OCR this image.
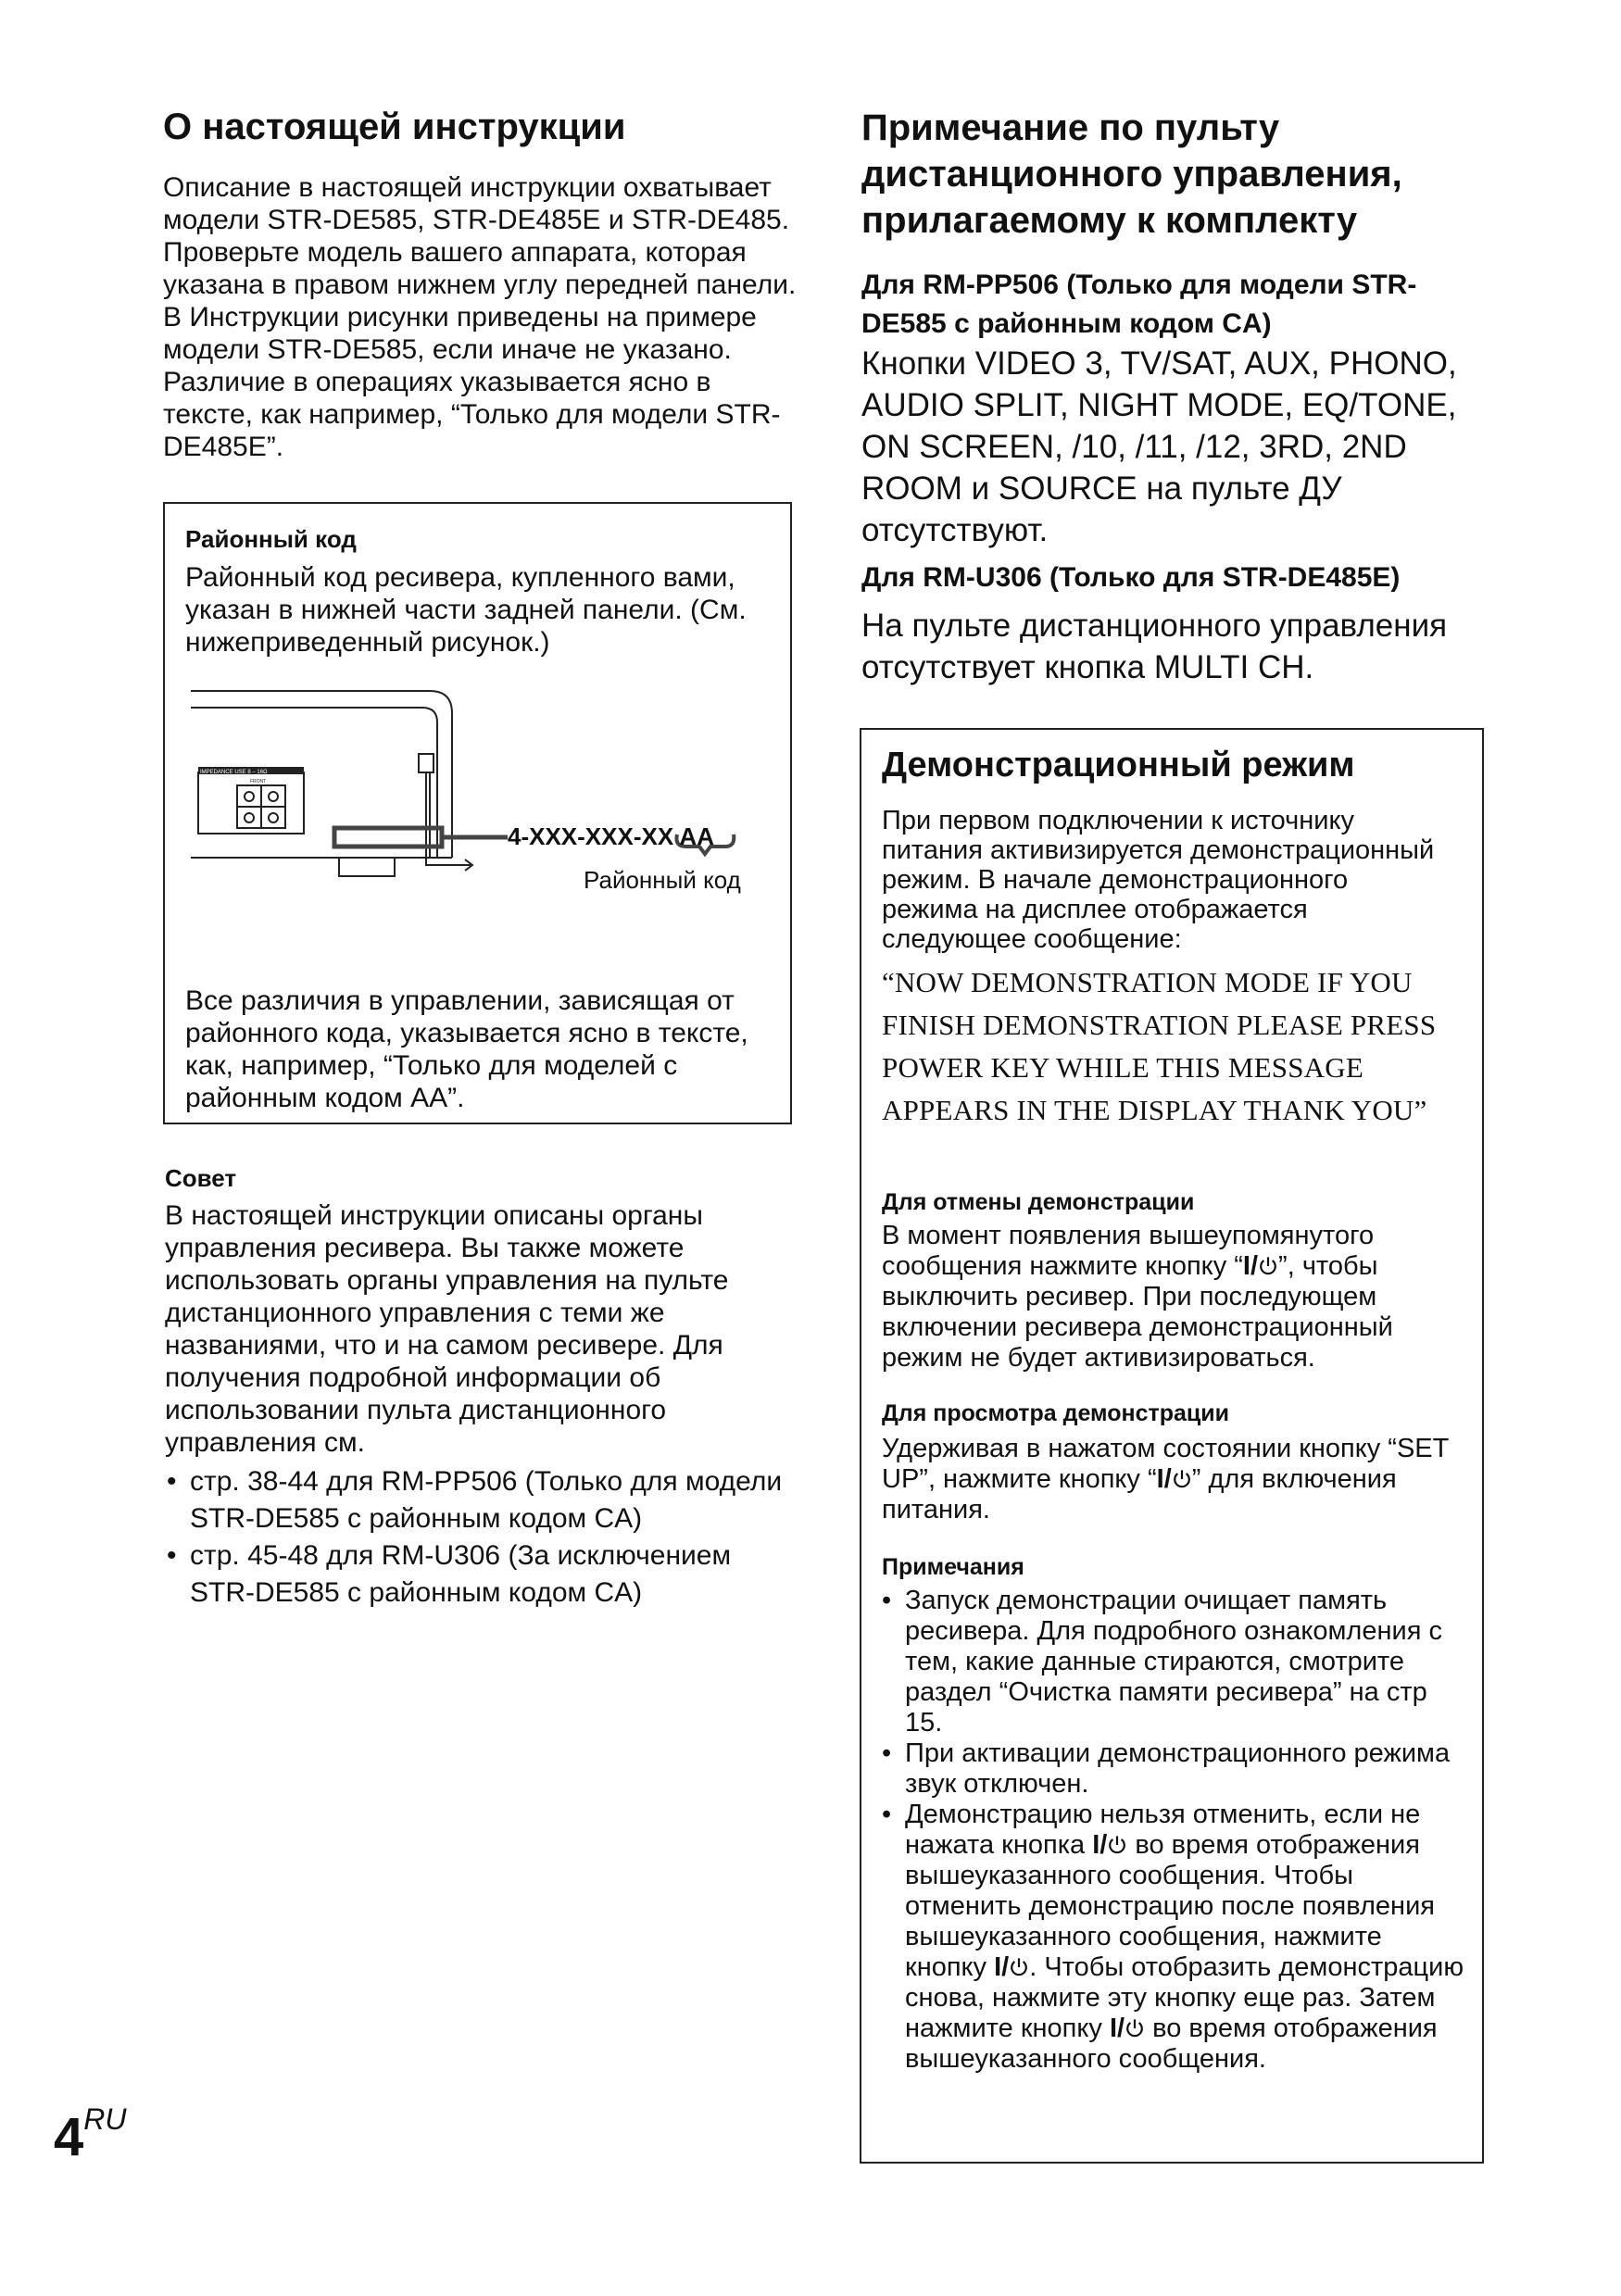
О настоящей инструкции

Описание в настоящей инструкции охватывает модели STR-DE585, STR-DE485E и STR-DE485. Проверьте модель вашего аппарата, которая указана в правом нижнем углу передней панели. В Инструкции рисунки приведены на примере модели STR-DE585, если иначе не указано. Различие в операциях указывается ясно в тексте, как например, “Только для модели STR-DE485E”.

Районный код

Районный код ресивера, купленного вами, указан в нижней части задней панели. (См. нижеприведенный рисунок.)

IMPEDANCE USE 8 – 16Ω
FRONT

4-XXX-XXX-XX AA

Районный код

Все различия в управлении, зависящая от районного кода, указывается ясно в тексте, как, например, “Только для моделей с районным кодом AA”.

Совет

В настоящей инструкции описаны органы управления ресивера. Вы также можете использовать органы управления на пульте дистанционного управления с теми же названиями, что и на самом ресивере. Для получения подробной информации об использовании пульта дистанционного управления см.

• стр. 38-44 для RM-PP506 (Только для модели STR-DE585 с районным кодом CA)
• стр. 45-48 для RM-U306 (За исключением STR-DE585 с районным кодом CA)
Примечание по пульту дистанционного управления, прилагаемому к комплекту

Для RM-PP506 (Только для модели STR-DE585 с районным кодом CA)

Кнопки VIDEO 3, TV/SAT, AUX, PHONO, AUDIO SPLIT, NIGHT MODE, EQ/TONE, ON SCREEN, /10, /11, /12, 3RD, 2ND ROOM и SOURCE на пульте ДУ отсутствуют.

Для RM-U306 (Только для STR-DE485E)

На пульте дистанционного управления отсутствует кнопка MULTI CH.

Демонстрационный режим

При первом подключении к источнику питания активизируется демонстрационный режим. В начале демонстрационного режима на дисплее отображается следующее сообщение:

“NOW DEMONSTRATION MODE IF YOU FINISH DEMONSTRATION PLEASE PRESS POWER KEY WHILE THIS MESSAGE APPEARS IN THE DISPLAY THANK YOU”

Для отмены демонстрации

В момент появления вышеупомянутого сообщения нажмите кнопку “I/ ”, чтобы выключить ресивер. При последующем включении ресивера демонстрационный режим не будет активизироваться.

Для просмотра демонстрации

Удерживая в нажатом состоянии кнопку “SET UP”, нажмите кнопку “I/ ” для включения питания.

Примечания

• Запуск демонстрации очищает память ресивера. Для подробного ознакомления с тем, какие данные стираются, смотрите раздел “Очистка памяти ресивера” на стр 15.
• При активации демонстрационного режима звук отключен.
• Демонстрацию нельзя отменить, если не нажата кнопка I/ во время отображения вышеуказанного сообщения. Чтобы отменить демонстрацию после появления вышеуказанного сообщения, нажмите кнопку I/ . Чтобы отобразить демонстрацию снова, нажмите эту кнопку еще раз. Затем нажмите кнопку I/ во время отображения вышеуказанного сообщения.
$4^{RU}$
